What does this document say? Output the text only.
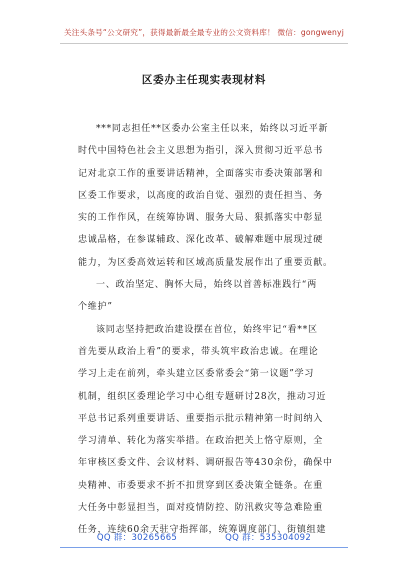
关注头条号“公文研究”，获得最新最全最专业的公文资料库！ 微信：gongwenyj
区委办主任现实表现材料
***同志担任**区委办公室主任以来，始终以习近平新
时代中国特色社会主义思想为指引，深入贯彻习近平总书
记对北京工作的重要讲话精神，全面落实市委决策部署和
区委工作要求，以高度的政治自觉、强烈的责任担当、务
实的工作作风，在统筹协调、服务大局、狠抓落实中彰显
忠诚品格，在参谋辅政、深化改革、破解难题中展现过硬
能力，为区委高效运转和区域高质量发展作出了重要贡献。
一、政治坚定、胸怀大局，始终以首善标准践行“两
个维护”
该同志坚持把政治建设摆在首位，始终牢记“看**区
首先要从政治上看”的要求，带头筑牢政治忠诚。在理论
学习上走在前列，牵头建立区委常委会“第一议题”学习
机制，组织区委理论学习中心组专题研讨28次，推动习近
平总书记系列重要讲话、重要指示批示精神第一时间纳入
学习清单、转化为落实举措。在政治把关上恪守原则，全
年审核区委文件、会议材料、调研报告等430余份，确保中
央精神、市委要求不折不扣贯穿到区委决策全链条。在重
大任务中彰显担当，面对疫情防控、防汛救灾等急难险重
任务，连续60余天驻守指挥部，统筹调度部门、街镇组建
QQ 群：30265665	QQ 群：535304092
